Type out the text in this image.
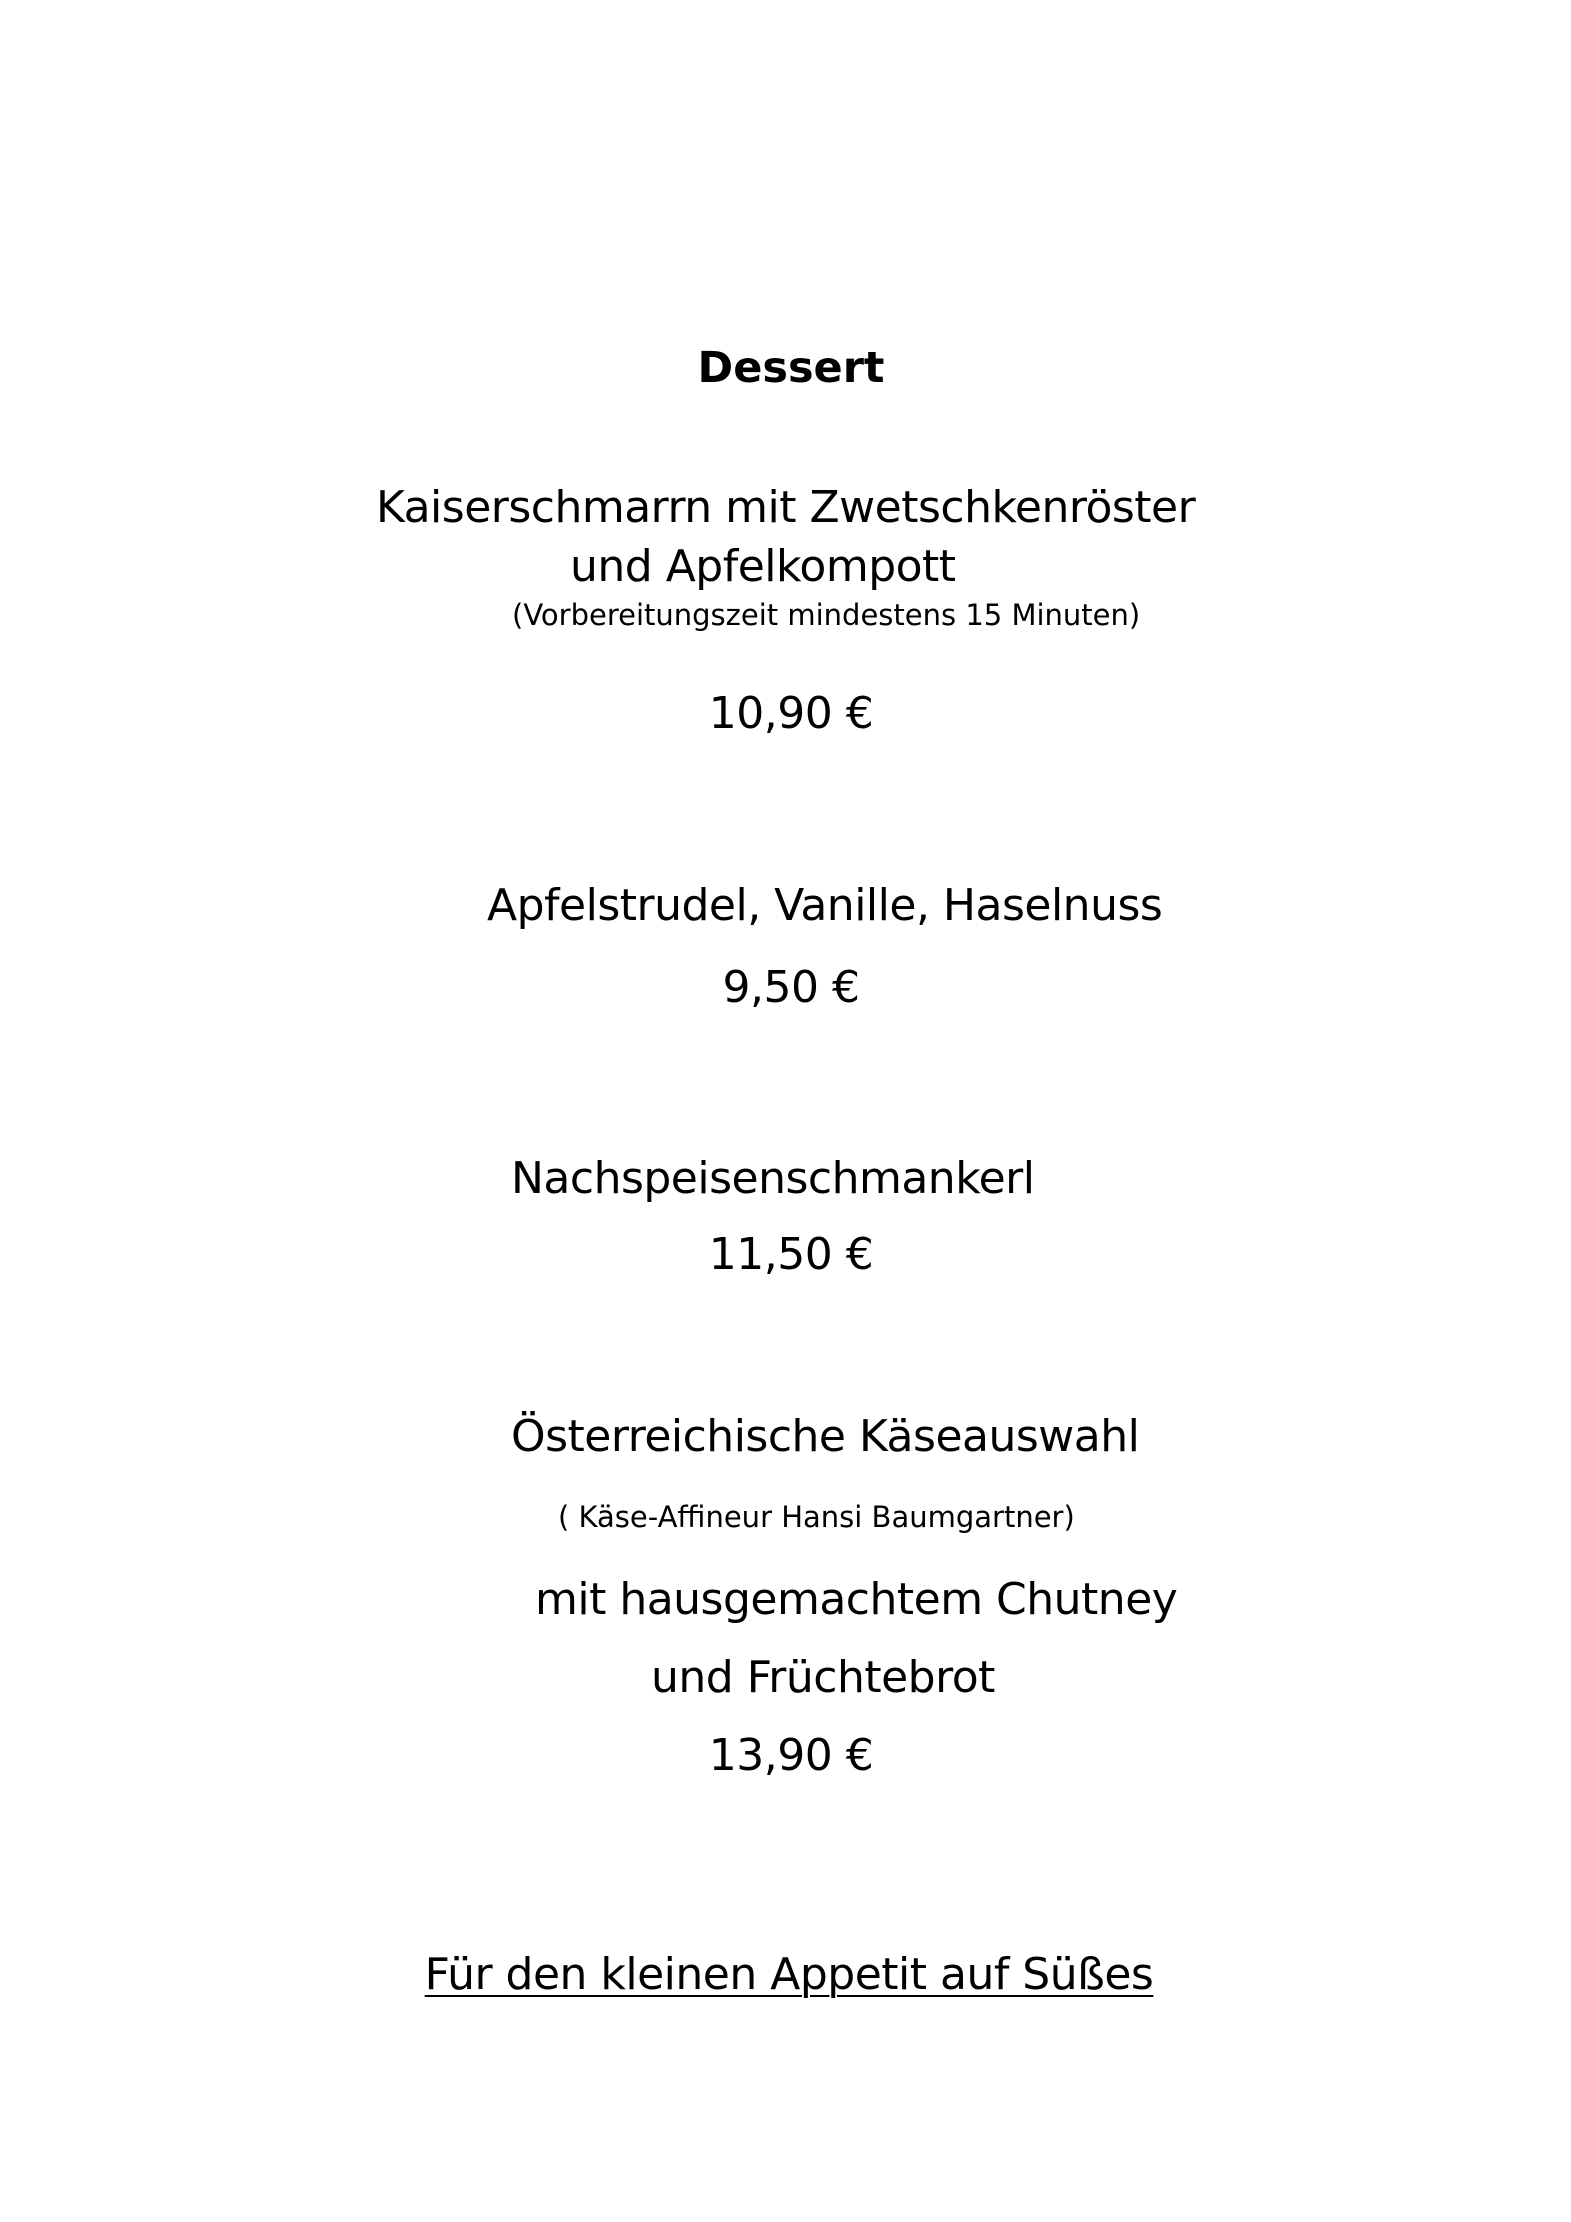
Dessert
Kaiserschmarrn mit Zwetschkenröster
und Apfelkompott
(Vorbereitungszeit mindestens 15 Minuten)
10,90 €
Apfelstrudel, Vanille, Haselnuss
9,50 €
Nachspeisenschmankerl
11,50 €
Österreichische Käseauswahl
( Käse-Affineur Hansi Baumgartner)
mit hausgemachtem Chutney
und Früchtebrot
13,90 €
Für den kleinen Appetit auf Süßes
